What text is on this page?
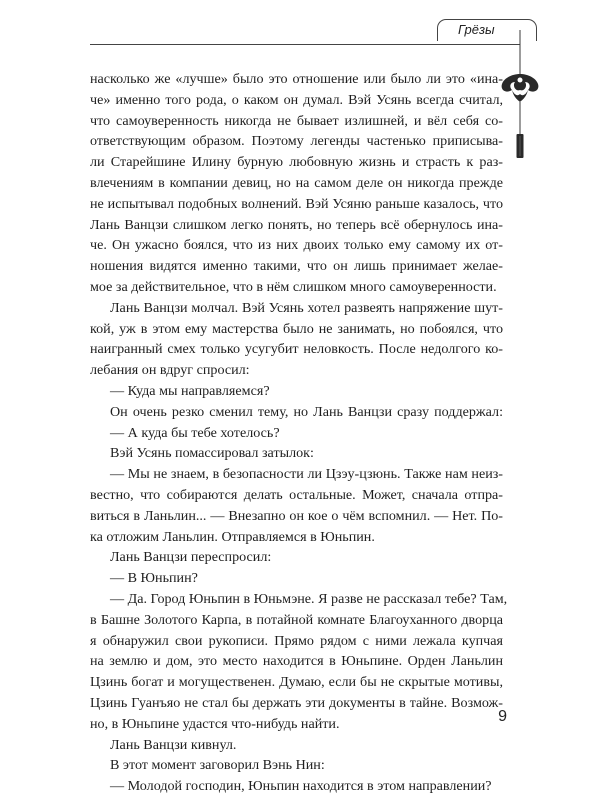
Грёзы
насколько же «лучше» было это отношение или было ли это «ина-
че» именно того рода, о каком он думал. Вэй Усянь всегда считал,
что самоуверенность никогда не бывает излишней, и вёл себя со-
ответствующим образом. Поэтому легенды частенько приписыва-
ли Старейшине Илину бурную любовную жизнь и страсть к раз-
влечениям в компании девиц, но на самом деле он никогда прежде
не испытывал подобных волнений. Вэй Усяню раньше казалось, что
Лань Ванцзи слишком легко понять, но теперь всё обернулось ина-
че. Он ужасно боялся, что из них двоих только ему самому их от-
ношения видятся именно такими, что он лишь принимает желае-
мое за действительное, что в нём слишком много самоуверенности.
Лань Ванцзи молчал. Вэй Усянь хотел развеять напряжение шут-
кой, уж в этом ему мастерства было не занимать, но побоялся, что
наигранный смех только усугубит неловкость. После недолгого ко-
лебания он вдруг спросил:
— Куда мы направляемся?
Он очень резко сменил тему, но Лань Ванцзи сразу поддержал:
— А куда бы тебе хотелось?
Вэй Усянь помассировал затылок:
— Мы не знаем, в безопасности ли Цзэу-цзюнь. Также нам неиз-
вестно, что собираются делать остальные. Может, сначала отпра-
виться в Ланьлин... — Внезапно он кое о чём вспомнил. — Нет. По-
ка отложим Ланьлин. Отправляемся в Юньпин.
Лань Ванцзи переспросил:
— В Юньпин?
— Да. Город Юньпин в Юньмэне. Я разве не рассказал тебе? Там,
в Башне Золотого Карпа, в потайной комнате Благоуханного дворца
я обнаружил свои рукописи. Прямо рядом с ними лежала купчая
на землю и дом, это место находится в Юньпине. Орден Ланьлин
Цзинь богат и могущественен. Думаю, если бы не скрытые мотивы,
Цзинь Гуанъяо не стал бы держать эти документы в тайне. Возмож-
но, в Юньпине удастся что-нибудь найти.
Лань Ванцзи кивнул.
В этот момент заговорил Вэнь Нин:
— Молодой господин, Юньпин находится в этом направлении?
9
